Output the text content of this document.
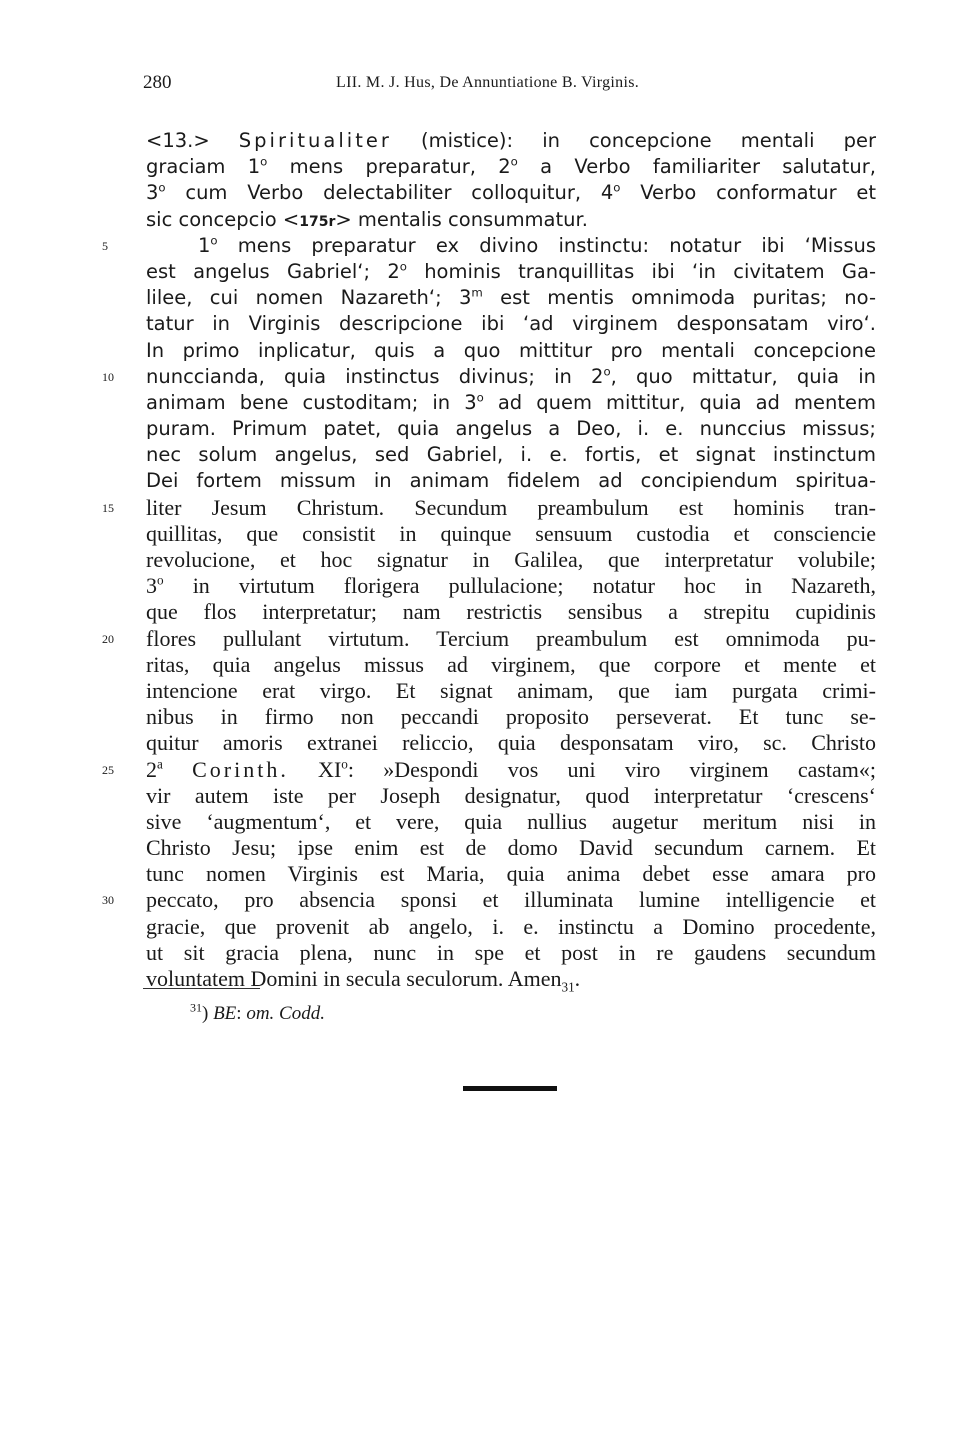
280	LII. M. J. Hus, De Annuntiatione B. Virginis.
<13.> Spiritualiter (mistice): in concepcione mentali per
graciam 1$^o$ mens preparatur, 2$^o$ a Verbo familiariter salutatur,
3$^o$ cum Verbo delectabiliter colloquitur, 4$^o$ Verbo conformatur et
sic concepcio <175r> mentalis consummatur.
5	1$^o$ mens preparatur ex divino instinctu: notatur ibi ‘Missus
est angelus Gabriel‘; 2$^o$ hominis tranquillitas ibi ‘in civitatem Ga-
lilee, cui nomen Nazareth‘; 3$^m$ est mentis omnimoda puritas; no-
tatur in Virginis descripcione ibi ‘ad virginem desponsatam viro‘.
In primo inplicatur, quis a quo mittitur pro mentali concepcione
10	nunccianda, quia instinctus divinus; in 2$^o$, quo mittatur, quia in
animam bene custoditam; in 3$^o$ ad quem mittitur, quia ad mentem
puram. Primum patet, quia angelus a Deo, i. e. nunccius missus;
nec solum angelus, sed Gabriel, i. e. fortis, et signat instinctum
Dei fortem missum in animam fidelem ad concipiendum spiritua-
15	liter Jesum Christum. Secundum preambulum est hominis tran-
quillitas, que consistit in quinque sensuum custodia et consciencie
revolucione, et hoc signatur in Galilea, que interpretatur volubile;
3$^o$ in virtutum florigera pullulacione; notatur hoc in Nazareth,
que flos interpretatur; nam restrictis sensibus a strepitu cupidinis
20	flores pullulant virtutum. Tercium preambulum est omnimoda pu-
ritas, quia angelus missus ad virginem, que corpore et mente et
intencione erat virgo. Et signat animam, que iam purgata crimi-
nibus in firmo non peccandi proposito perseverat. Et tunc se-
quitur amoris extranei reliccio, quia desponsatam viro, sc. Christo
25	2$^a$ Corinth. $XI^o$: »Despondi vos uni viro virginem castam«;
vir autem iste per Joseph designatur, quod interpretatur ‘crescens‘
sive ‘augmentum‘, et vere, quia nullius augetur meritum nisi in
Christo Jesu; ipse enim est de domo David secundum carnem. Et
tunc nomen Virginis est Maria, quia anima debet esse amara pro
30	peccato, pro absencia sponsi et illuminata lumine intelligencie et
gracie, que provenit ab angelo, i. e. instinctu a Domino procedente,
ut sit gracia plena, nunc in spe et post in re gaudens secundum
voluntatem Domini in secula seculorum. Amen$_{31}$.
$^{31}$) BE: om. Codd.
